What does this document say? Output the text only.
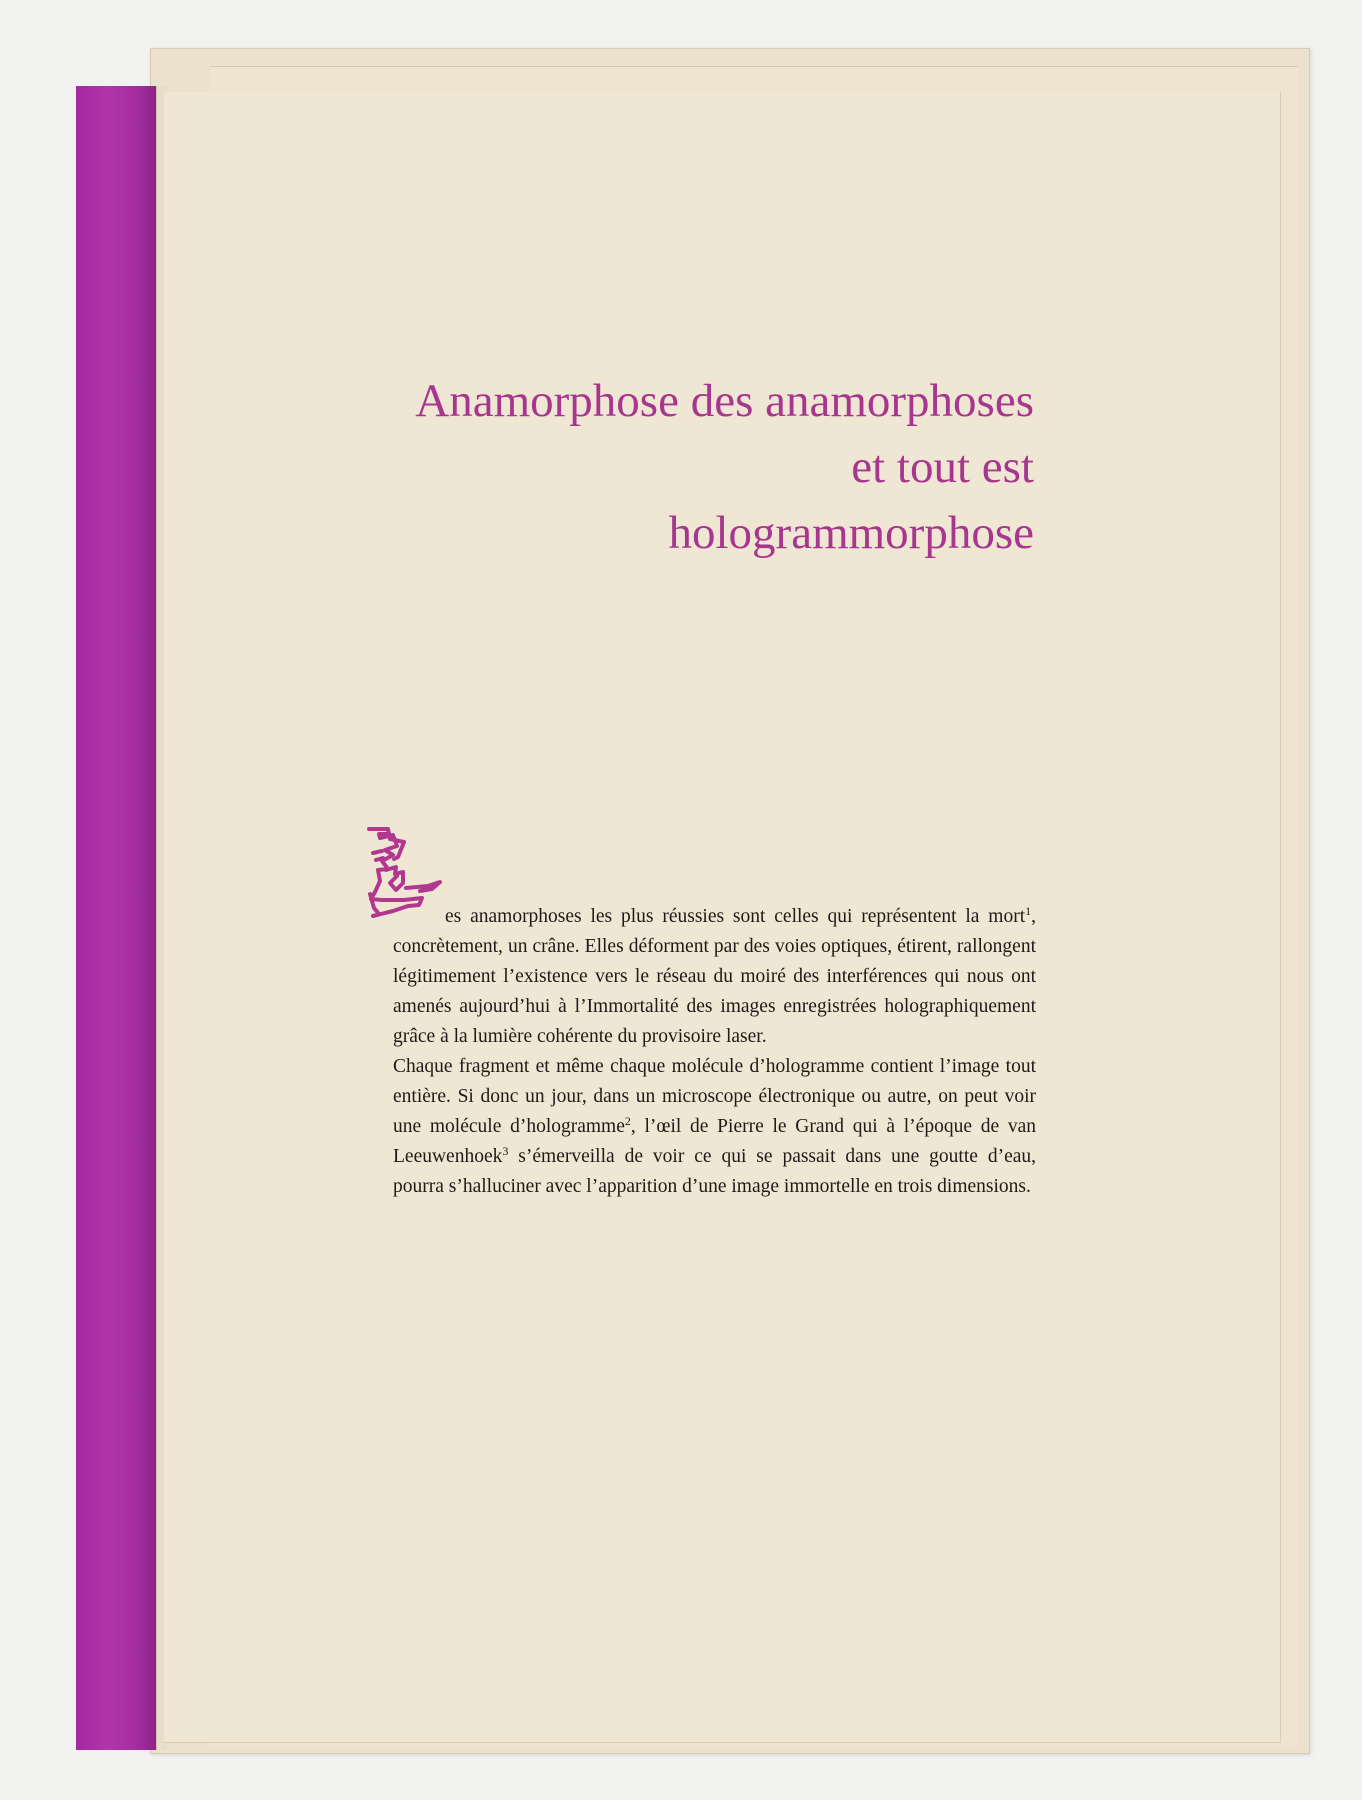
Anamorphose des anamorphoses
et tout est
hologrammorphose

es anamorphoses les plus réussies sont celles qui représentent la mort$^1$, concrètement, un crâne. Elles déforment par des voies optiques, étirent, rallongent légitimement l’existence vers le réseau du moiré des interférences qui nous ont amenés aujourd’hui à l’Immortalité des images enregistrées holographiquement grâce à la lumière cohérente du provisoire laser.

Chaque fragment et même chaque molécule d’hologramme contient l’image tout entière. Si donc un jour, dans un microscope électronique ou autre, on peut voir une molécule d’hologramme$^2$, l’œil de Pierre le Grand qui à l’époque de van Leeuwenhoek$^3$ s’émerveilla de voir ce qui se passait dans une goutte d’eau, pourra s’halluciner avec l’apparition d’une image immortelle en trois dimensions.
